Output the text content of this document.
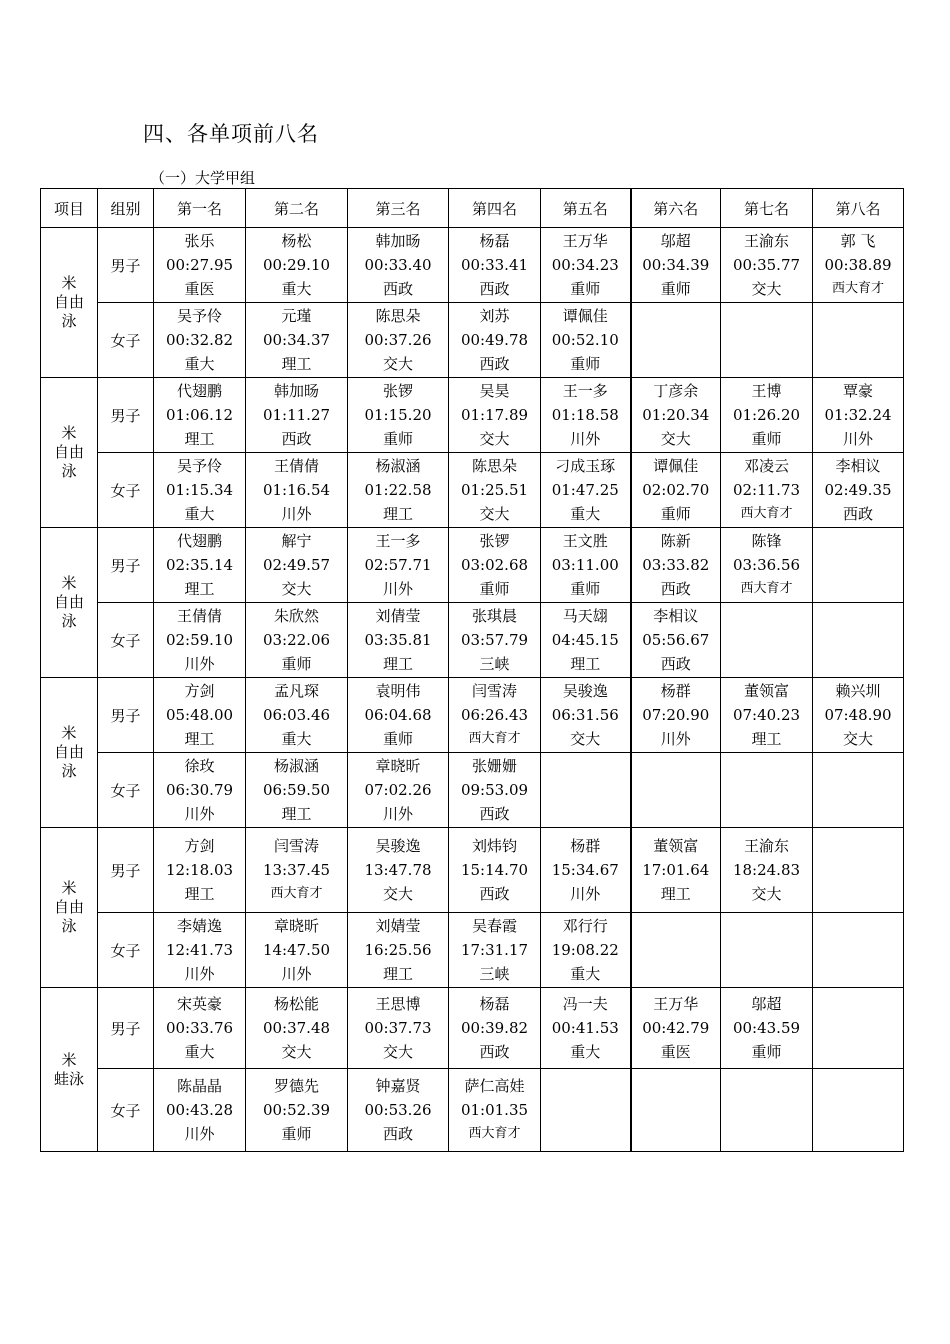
四、各单项前八名
（一）大学甲组
项目	组别	第一名	第二名	第三名	第四名	第五名	第六名	第七名	第八名

米
自由
泳	男子	张乐
00:27.95
重医	杨松
00:29.10
重大	韩加旸
00:33.40
西政	杨磊
00:33.41
西政	王万华
00:34.23
重师	邬超
00:34.39
重师	王渝东
00:35.77
交大	郭 飞
00:38.89
西大育才

	女子	吴予伶
00:32.82
重大	元瑾
00:34.37
理工	陈思朵
00:37.26
交大	刘苏
00:49.78
西政	谭佩佳
00:52.10
重师			

米
自由
泳	男子	代翅鹏
01:06.12
理工	韩加旸
01:11.27
西政	张锣
01:15.20
重师	吴昊
01:17.89
交大	王一多
01:18.58
川外	丁彦余
01:20.34
交大	王博
01:26.20
重师	覃豪
01:32.24
川外

	女子	吴予伶
01:15.34
重大	王倩倩
01:16.54
川外	杨淑涵
01:22.58
理工	陈思朵
01:25.51
交大	刁成玉琢
01:47.25
重大	谭佩佳
02:02.70
重师	邓凌云
02:11.73
西大育才	李相议
02:49.35
西政

米
自由
泳	男子	代翅鹏
02:35.14
理工	解宁
02:49.57
交大	王一多
02:57.71
川外	张锣
03:02.68
重师	王文胜
03:11.00
重师	陈新
03:33.82
西政	陈锋
03:36.56
西大育才	

	女子	王倩倩
02:59.10
川外	朱欣然
03:22.06
重师	刘倩莹
03:35.81
理工	张琪晨
03:57.79
三峡	马天翃
04:45.15
理工	李相议
05:56.67
西政		

米
自由
泳	男子	方剑
05:48.00
理工	孟凡琛
06:03.46
重大	袁明伟
06:04.68
重师	闫雪涛
06:26.43
西大育才	吴骏逸
06:31.56
交大	杨群
07:20.90
川外	董领富
07:40.23
理工	赖兴圳
07:48.90
交大

	女子	徐玫
06:30.79
川外	杨淑涵
06:59.50
理工	章晓昕
07:02.26
川外	张姗姗
09:53.09
西政				

米
自由
泳	男子	方剑
12:18.03
理工	闫雪涛
13:37.45
西大育才	吴骏逸
13:47.78
交大	刘炜钧
15:14.70
西政	杨群
15:34.67
川外	董领富
17:01.64
理工	王渝东
18:24.83
交大	

	女子	李婧逸
12:41.73
川外	章晓昕
14:47.50
川外	刘婧莹
16:25.56
理工	吴春霞
17:31.17
三峡	邓行行
19:08.22
重大			

米
蛙泳	男子	宋英豪
00:33.76
重大	杨松能
00:37.48
交大	王思博
00:37.73
交大	杨磊
00:39.82
西政	冯一夫
00:41.53
重大	王万华
00:42.79
重医	邬超
00:43.59
重师	

	女子	陈晶晶
00:43.28
川外	罗德先
00:52.39
重师	钟嘉贤
00:53.26
西政	萨仁高娃
01:01.35
西大育才				
